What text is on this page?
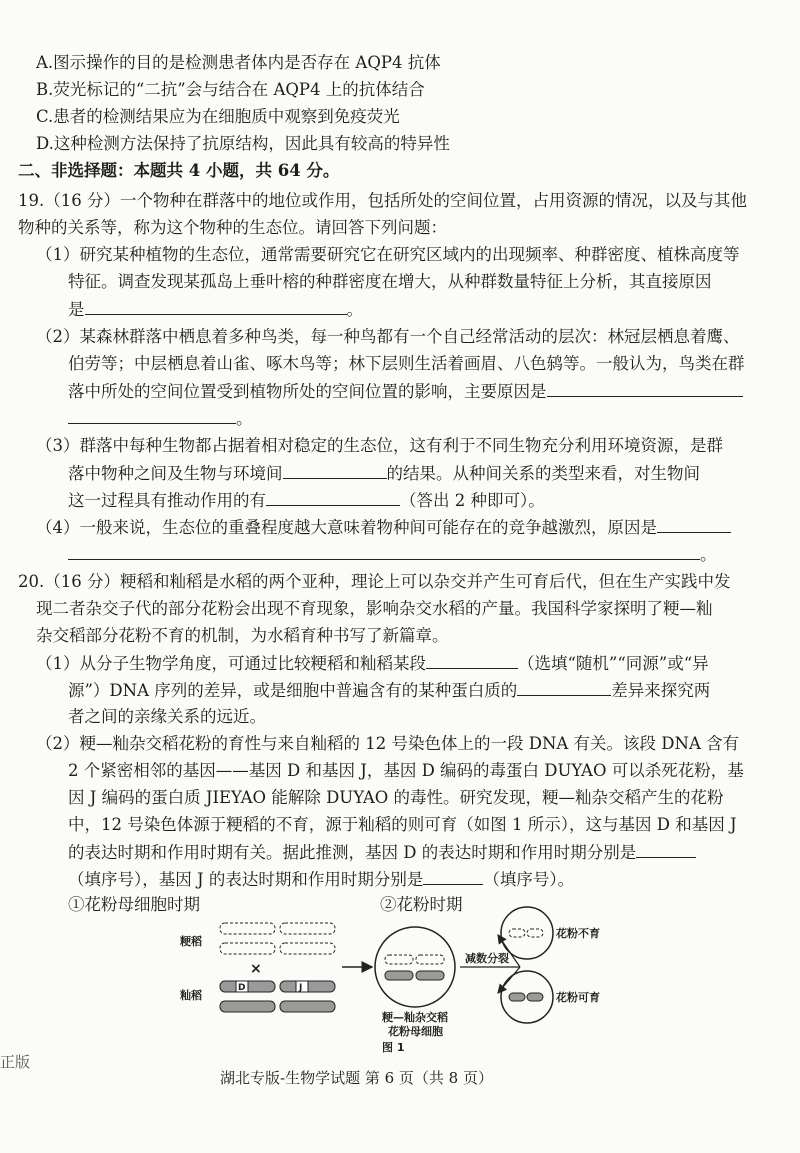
A.图示操作的目的是检测患者体内是否存在 AQP4 抗体
B.荧光标记的“二抗”会与结合在 AQP4 上的抗体结合
C.患者的检测结果应为在细胞质中观察到免疫荧光
D.这种检测方法保持了抗原结构，因此具有较高的特异性
二、非选择题：本题共 4 小题，共 64 分。
19.（16 分）一个物种在群落中的地位或作用，包括所处的空间位置，占用资源的情况，以及与其他
物种的关系等，称为这个物种的生态位。请回答下列问题：
（1）研究某种植物的生态位，通常需要研究它在研究区域内的出现频率、种群密度、植株高度等
特征。调查发现某孤岛上垂叶榕的种群密度在增大，从种群数量特征上分析，其直接原因
是	。
（2）某森林群落中栖息着多种鸟类，每一种鸟都有一个自己经常活动的层次：林冠层栖息着鹰、
伯劳等；中层栖息着山雀、啄木鸟等；林下层则生活着画眉、八色鸫等。一般认为，鸟类在群
落中所处的空间位置受到植物所处的空间位置的影响，主要原因是
。
（3）群落中每种生物都占据着相对稳定的生态位，这有利于不同生物充分利用环境资源，是群
落中物种之间及生物与环境间	的结果。从种间关系的类型来看，对生物间
这一过程具有推动作用的有	（答出 2 种即可）。
（4）一般来说，生态位的重叠程度越大意味着物种间可能存在的竞争越激烈，原因是
。
20.（16 分）粳稻和籼稻是水稻的两个亚种，理论上可以杂交并产生可育后代，但在生产实践中发
现二者杂交子代的部分花粉会出现不育现象，影响杂交水稻的产量。我国科学家探明了粳—籼
杂交稻部分花粉不育的机制，为水稻育种书写了新篇章。
（1）从分子生物学角度，可通过比较粳稻和籼稻某段	（选填“随机”“同源”或“异
源”）DNA 序列的差异，或是细胞中普遍含有的某种蛋白质的	差异来探究两
者之间的亲缘关系的远近。
（2）粳—籼杂交稻花粉的育性与来自籼稻的 12 号染色体上的一段 DNA 有关。该段 DNA 含有
2 个紧密相邻的基因——基因 D 和基因 J，基因 D 编码的毒蛋白 DUYAO 可以杀死花粉，基
因 J 编码的蛋白质 JIEYAO 能解除 DUYAO 的毒性。研究发现，粳—籼杂交稻产生的花粉
中，12 号染色体源于粳稻的不育，源于籼稻的则可育（如图 1 所示），这与基因 D 和基因 J
的表达时期和作用时期有关。据此推测，基因 D 的表达时期和作用时期分别是
（填序号），基因 J 的表达时期和作用时期分别是	（填序号）。
①花粉母细胞时期	②花粉时期
粳稻
籼稻
×
D	J
粳—籼杂交稻
花粉母细胞
减数分裂
花粉不育
花粉可育
图 1
正版
湖北专版-生物学试题 第 6 页（共 8 页）
